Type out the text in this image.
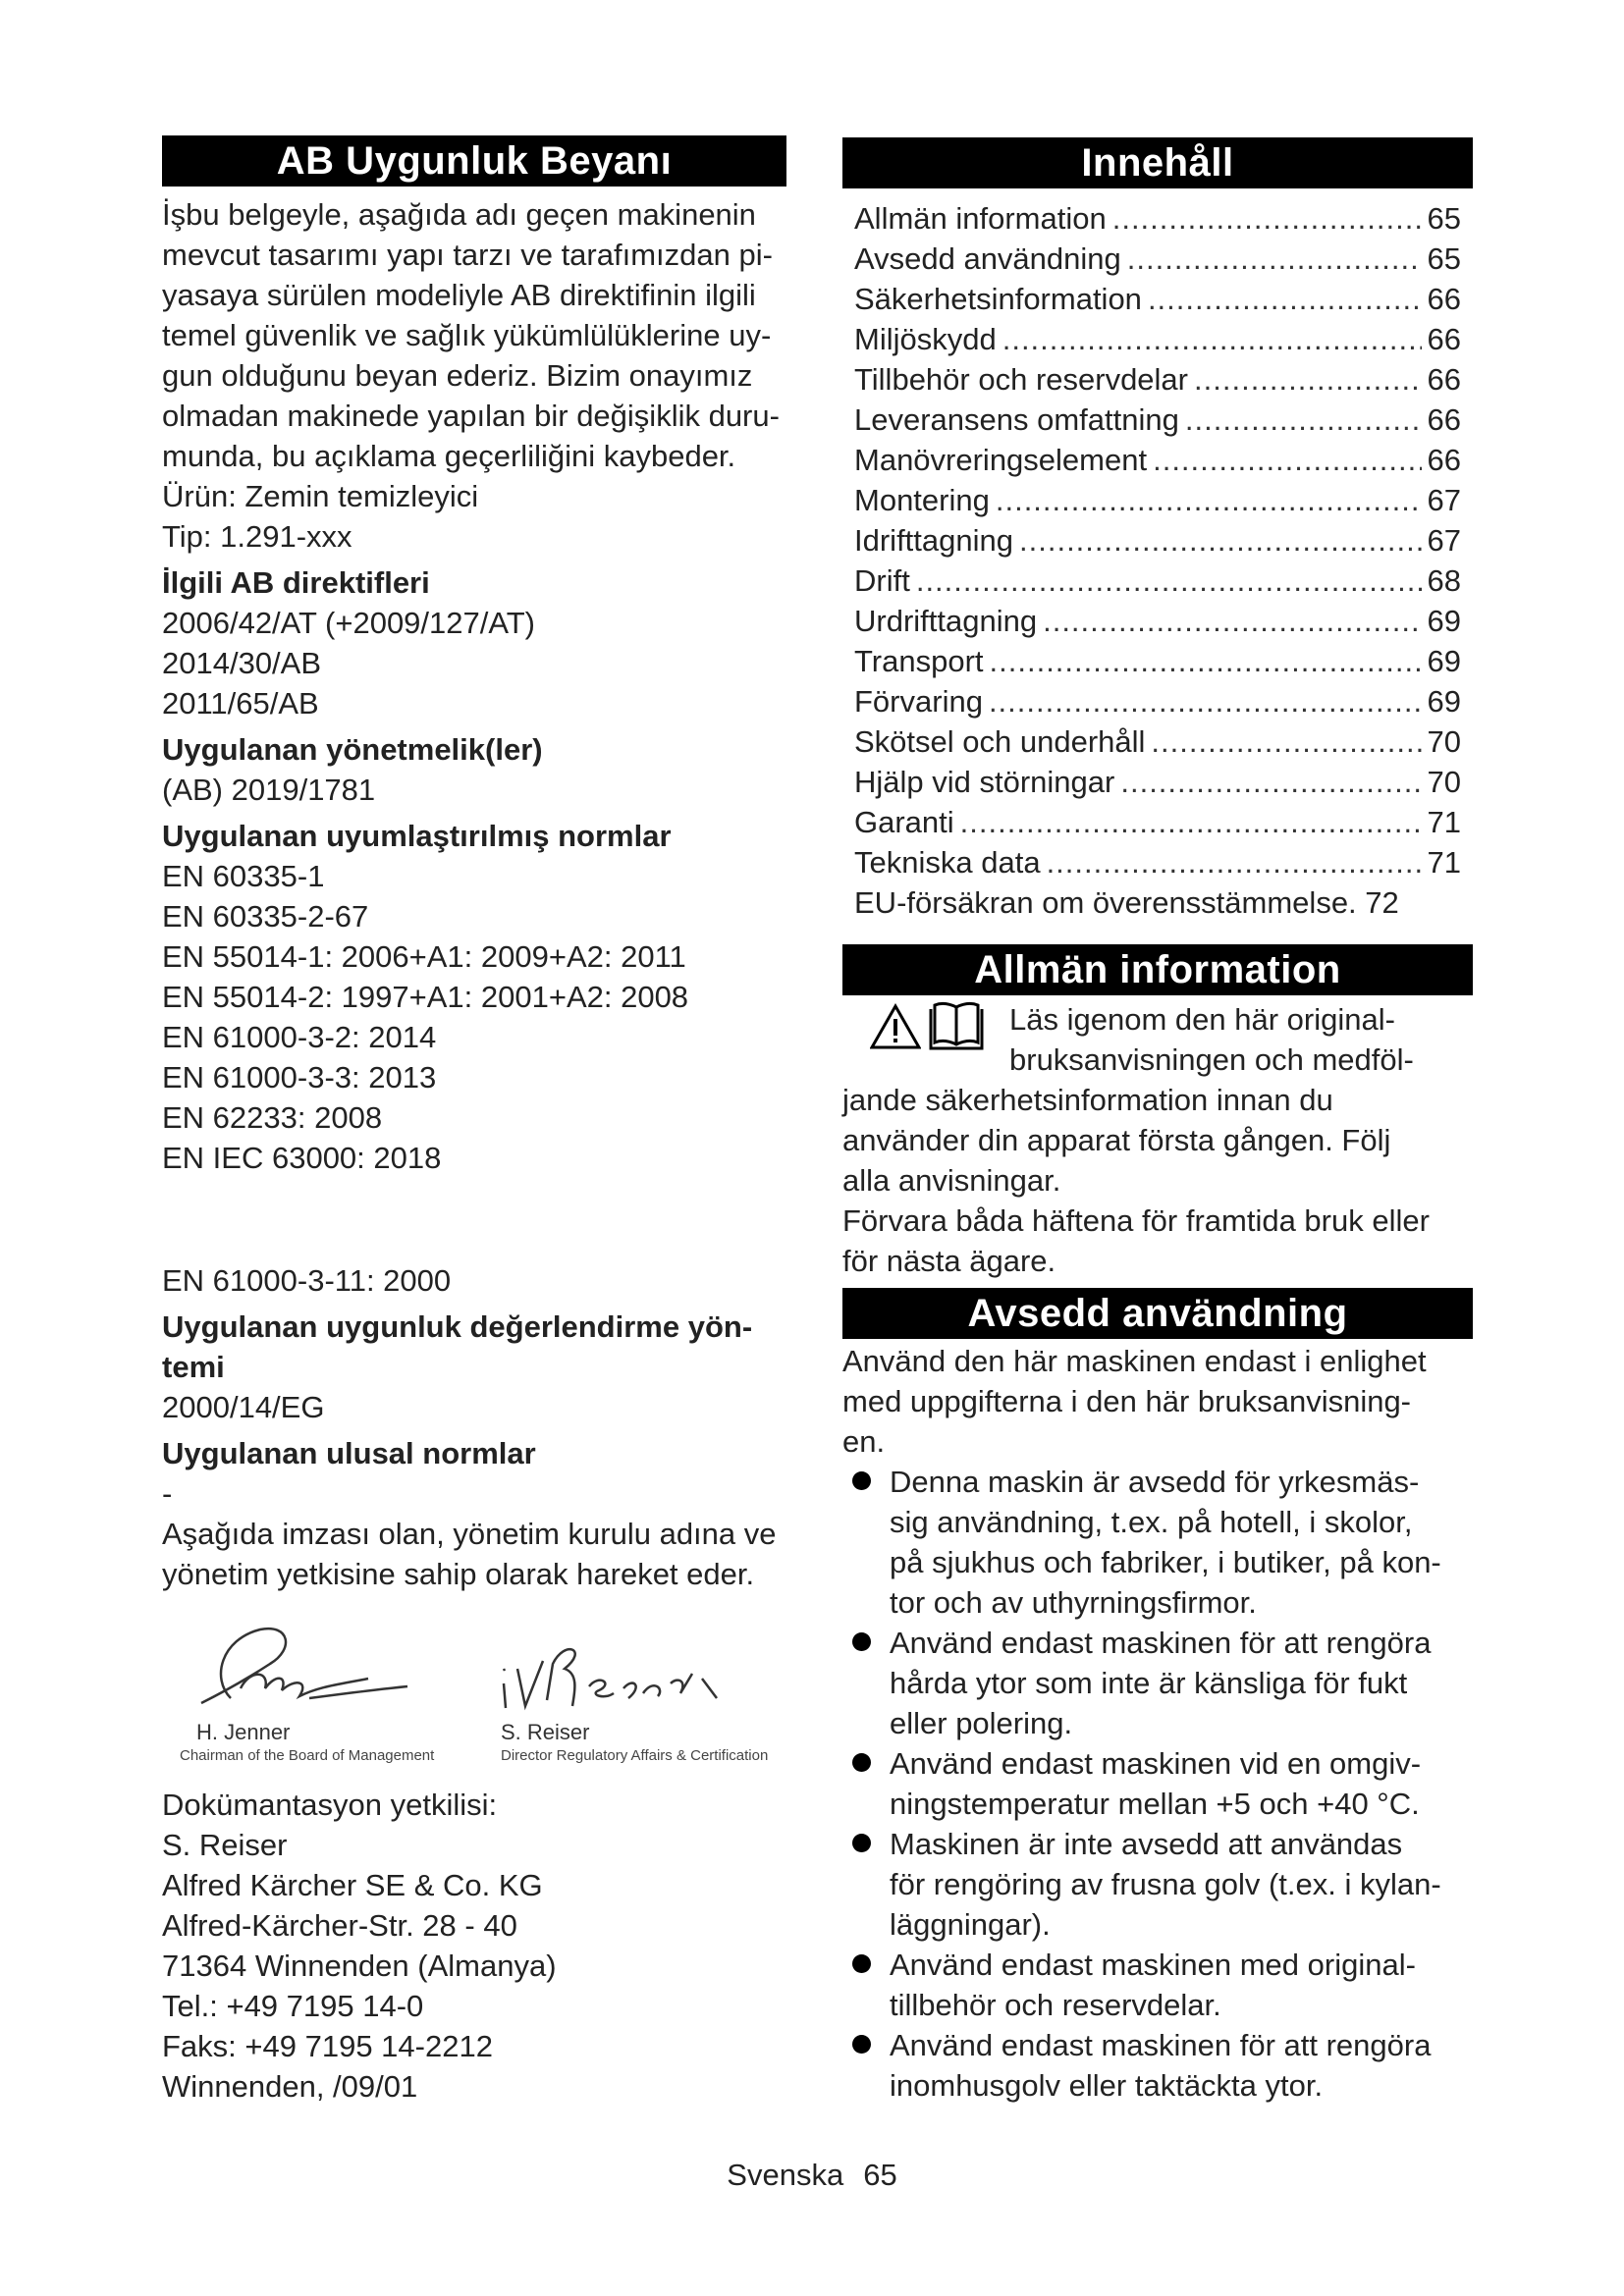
AB Uygunluk Beyanı
İşbu belgeyle, aşağıda adı geçen makinenin
mevcut tasarımı yapı tarzı ve tarafımızdan pi-
yasaya sürülen modeliyle AB direktifinin ilgili
temel güvenlik ve sağlık yükümlülüklerine uy-
gun olduğunu beyan ederiz. Bizim onayımız
olmadan makinede yapılan bir değişiklik duru-
munda, bu açıklama geçerliliğini kaybeder.
Ürün: Zemin temizleyici
Tip: 1.291-xxx
İlgili AB direktifleri
2006/42/AT (+2009/127/AT)
2014/30/AB
2011/65/AB
Uygulanan yönetmelik(ler)
(AB) 2019/1781
Uygulanan uyumlaştırılmış normlar
EN 60335-1
EN 60335-2-67
EN 55014-1: 2006+A1: 2009+A2: 2011
EN 55014-2: 1997+A1: 2001+A2: 2008
EN 61000-3-2: 2014
EN 61000-3-3: 2013
EN 62233: 2008
EN IEC 63000: 2018
EN 61000-3-11: 2000
Uygulanan uygunluk değerlendirme yön-
temi
2000/14/EG
Uygulanan ulusal normlar
-
Aşağıda imzası olan, yönetim kurulu adına ve
yönetim yetkisine sahip olarak hareket eder.
H. Jenner
Chairman of the Board of Management
S. Reiser
Director Regulatory Affairs & Certification
Dokümantasyon yetkilisi:
S. Reiser
Alfred Kärcher SE & Co. KG
Alfred-Kärcher-Str. 28 - 40
71364 Winnenden (Almanya)
Tel.: +49 7195 14-0
Faks: +49 7195 14-2212
Winnenden, /09/01
Innehåll
Allmän information .....	65
Avsedd användning .....	65
Säkerhetsinformation .....	66
Miljöskydd .....	66
Tillbehör och reservdelar .....	66
Leveransens omfattning .....	66
Manövreringselement .....	66
Montering .....	67
Idrifttagning .....	67
Drift .....	68
Urdrifttagning .....	69
Transport .....	69
Förvaring .....	69
Skötsel och underhåll .....	70
Hjälp vid störningar .....	70
Garanti .....	71
Tekniska data .....	71
EU-försäkran om överensstämmelse. 72
Allmän information
Läs igenom den här original-
bruksanvisningen och medföl-
jande säkerhetsinformation innan du
använder din apparat första gången. Följ
alla anvisningar.
Förvara båda häftena för framtida bruk eller
för nästa ägare.
Avsedd användning
Använd den här maskinen endast i enlighet
med uppgifterna i den här bruksanvisning-
en.
Denna maskin är avsedd för yrkesmäs-
sig användning, t.ex. på hotell, i skolor,
på sjukhus och fabriker, i butiker, på kon-
tor och av uthyrningsfirmor.
Använd endast maskinen för att rengöra
hårda ytor som inte är känsliga för fukt
eller polering.
Använd endast maskinen vid en omgiv-
ningstemperatur mellan +5 och +40 °C.
Maskinen är inte avsedd att användas
för rengöring av frusna golv (t.ex. i kylan-
läggningar).
Använd endast maskinen med original-
tillbehör och reservdelar.
Använd endast maskinen för att rengöra
inomhusgolv eller taktäckta ytor.
Svenska 65
